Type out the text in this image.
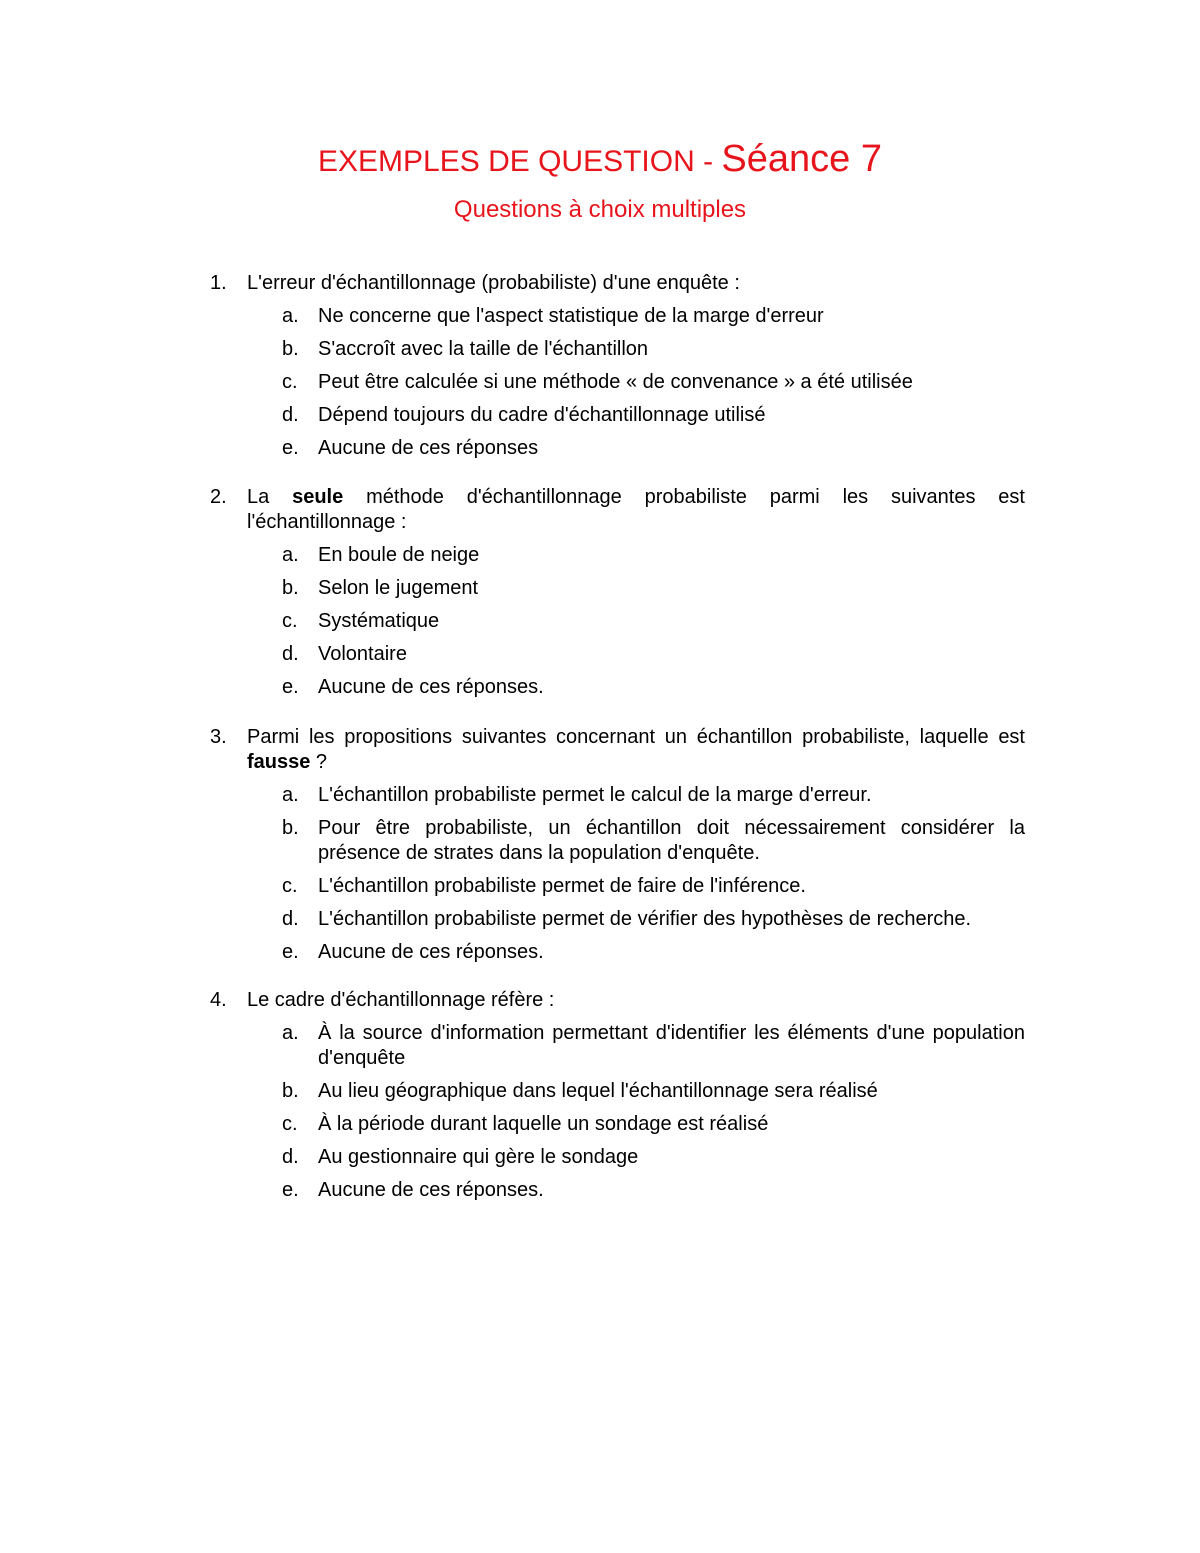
EXEMPLES DE QUESTION - Séance 7
Questions à choix multiples
1. L'erreur d'échantillonnage (probabiliste) d'une enquête :
a. Ne concerne que l'aspect statistique de la marge d'erreur
b. S'accroît avec la taille de l'échantillon
c. Peut être calculée si une méthode « de convenance » a été utilisée
d. Dépend toujours du cadre d'échantillonnage utilisé
e. Aucune de ces réponses
2. La seule méthode d'échantillonnage probabiliste parmi les suivantes est l'échantillonnage :
a. En boule de neige
b. Selon le jugement
c. Systématique
d. Volontaire
e. Aucune de ces réponses.
3. Parmi les propositions suivantes concernant un échantillon probabiliste, laquelle est fausse ?
a. L'échantillon probabiliste permet le calcul de la marge d'erreur.
b. Pour être probabiliste, un échantillon doit nécessairement considérer la présence de strates dans la population d'enquête.
c. L'échantillon probabiliste permet de faire de l'inférence.
d. L'échantillon probabiliste permet de vérifier des hypothèses de recherche.
e. Aucune de ces réponses.
4. Le cadre d'échantillonnage réfère :
a. À la source d'information permettant d'identifier les éléments d'une population d'enquête
b. Au lieu géographique dans lequel l'échantillonnage sera réalisé
c. À la période durant laquelle un sondage est réalisé
d. Au gestionnaire qui gère le sondage
e. Aucune de ces réponses.
